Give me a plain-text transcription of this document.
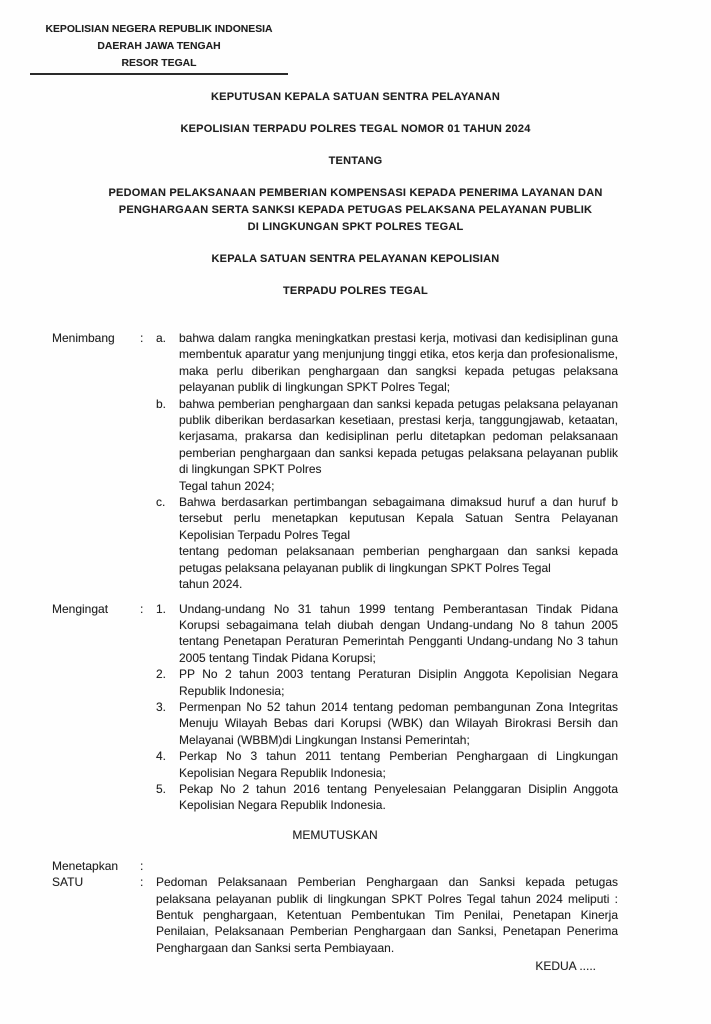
KEPOLISIAN NEGERA REPUBLIK INDONESIA
DAERAH JAWA TENGAH
RESOR TEGAL

KEPUTUSAN KEPALA SATUAN SENTRA PELAYANAN

KEPOLISIAN TERPADU POLRES TEGAL NOMOR 01 TAHUN 2024

TENTANG

PEDOMAN PELAKSANAAN PEMBERIAN KOMPENSASI KEPADA PENERIMA LAYANAN DAN
PENGHARGAAN SERTA SANKSI KEPADA PETUGAS PELAKSANA PELAYANAN PUBLIK
DI LINGKUNGAN SPKT POLRES TEGAL

KEPALA SATUAN SENTRA PELAYANAN KEPOLISIAN

TERPADU POLRES TEGAL

Menimbang	:	a.	bahwa dalam rangka meningkatkan prestasi kerja, motivasi dan kedisiplinan guna membentuk aparatur yang menjunjung tinggi etika, etos kerja dan profesionalisme, maka perlu diberikan penghargaan dan sangksi kepada petugas pelaksana pelayanan publik di lingkungan SPKT Polres Tegal;
b.	bahwa pemberian penghargaan dan sanksi kepada petugas pelaksana pelayanan publik diberikan berdasarkan kesetiaan, prestasi kerja, tanggungjawab, ketaatan, kerjasama, prakarsa dan kedisiplinan perlu ditetapkan pedoman pelaksanaan pemberian penghargaan dan sanksi kepada petugas pelaksana pelayanan publik di lingkungan SPKT Polres
Tegal tahun 2024;
c.	Bahwa berdasarkan pertimbangan sebagaimana dimaksud huruf a dan huruf b tersebut perlu menetapkan keputusan Kepala Satuan Sentra Pelayanan Kepolisian Terpadu Polres Tegal
tentang pedoman pelaksanaan pemberian penghargaan dan sanksi kepada petugas pelaksana pelayanan publik di lingkungan SPKT Polres Tegal
tahun 2024.
Mengingat	:	1.	Undang-undang No 31 tahun 1999 tentang Pemberantasan Tindak Pidana Korupsi sebagaimana telah diubah dengan Undang-undang No 8 tahun 2005 tentang Penetapan Peraturan Pemerintah Pengganti Undang-undang No 3 tahun 2005 tentang Tindak Pidana Korupsi;
2.	PP No 2 tahun 2003 tentang Peraturan Disiplin Anggota Kepolisian Negara Republik Indonesia;
3.	Permenpan No 52 tahun 2014 tentang pedoman pembangunan Zona Integritas Menuju Wilayah Bebas dari Korupsi (WBK) dan Wilayah Birokrasi Bersih dan Melayanai (WBBM)di Lingkungan Instansi Pemerintah;
4.	Perkap No 3 tahun 2011 tentang Pemberian Penghargaan di Lingkungan Kepolisian Negara Republik Indonesia;
5.	Pekap No 2 tahun 2016 tentang Penyelesaian Pelanggaran Disiplin Anggota Kepolisian Negara Republik Indonesia.

MEMUTUSKAN

Menetapkan	:
SATU	:	Pedoman Pelaksanaan Pemberian Penghargaan dan Sanksi kepada petugas pelaksana pelayanan publik di lingkungan SPKT Polres Tegal tahun 2024 meliputi : Bentuk penghargaan, Ketentuan Pembentukan Tim Penilai, Penetapan Kinerja Penilaian, Pelaksanaan Pemberian Penghargaan dan Sanksi, Penetapan Penerima Penghargaan dan Sanksi serta Pembiayaan.

KEDUA .....
